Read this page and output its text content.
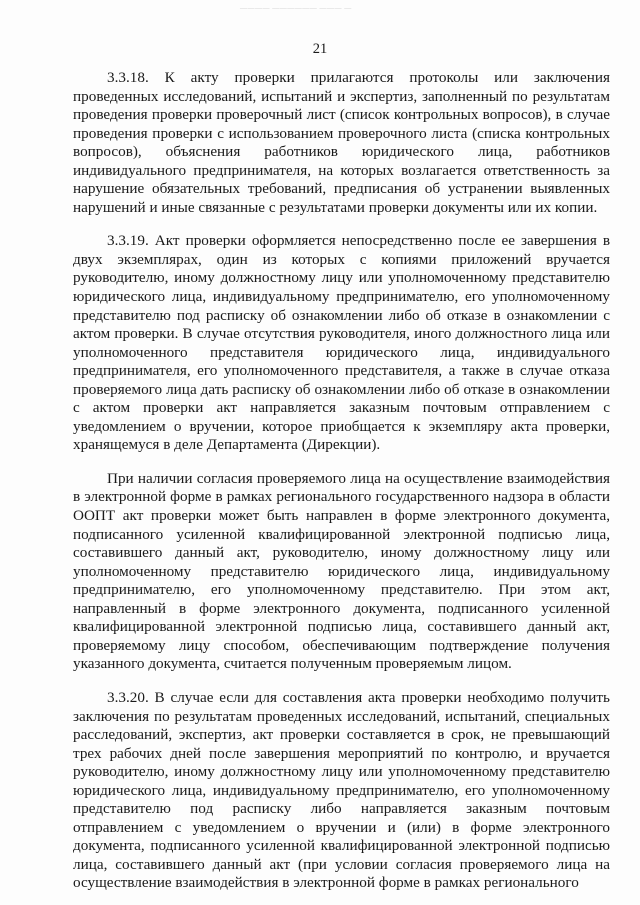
———— —————— ——— —
21

3.3.18. К акту проверки прилагаются протоколы или заключения проведенных исследований, испытаний и экспертиз, заполненный по результатам проведения проверки проверочный лист (список контрольных вопросов), в случае проведения проверки с использованием проверочного листа (списка контрольных вопросов), объяснения работников юридического лица, работников индивидуального предпринимателя, на которых возлагается ответственность за нарушение обязательных требований, предписания об устранении выявленных нарушений и иные связанные с результатами проверки документы или их копии.

3.3.19. Акт проверки оформляется непосредственно после ее завершения в двух экземплярах, один из которых с копиями приложений вручается руководителю, иному должностному лицу или уполномоченному представителю юридического лица, индивидуальному предпринимателю, его уполномоченному представителю под расписку об ознакомлении либо об отказе в ознакомлении с актом проверки. В случае отсутствия руководителя, иного должностного лица или уполномоченного представителя юридического лица, индивидуального предпринимателя, его уполномоченного представителя, а также в случае отказа проверяемого лица дать расписку об ознакомлении либо об отказе в ознакомлении с актом проверки акт направляется заказным почтовым отправлением с уведомлением о вручении, которое приобщается к экземпляру акта проверки, хранящемуся в деле Департамента (Дирекции).

При наличии согласия проверяемого лица на осуществление взаимодействия в электронной форме в рамках регионального государственного надзора в области ООПТ акт проверки может быть направлен в форме электронного документа, подписанного усиленной квалифицированной электронной подписью лица, составившего данный акт, руководителю, иному должностному лицу или уполномоченному представителю юридического лица, индивидуальному предпринимателю, его уполномоченному представителю. При этом акт, направленный в форме электронного документа, подписанного усиленной квалифицированной электронной подписью лица, составившего данный акт, проверяемому лицу способом, обеспечивающим подтверждение получения указанного документа, считается полученным проверяемым лицом.

3.3.20. В случае если для составления акта проверки необходимо получить заключения по результатам проведенных исследований, испытаний, специальных расследований, экспертиз, акт проверки составляется в срок, не превышающий трех рабочих дней после завершения мероприятий по контролю, и вручается руководителю, иному должностному лицу или уполномоченному представителю юридического лица, индивидуальному предпринимателю, его уполномоченному представителю под расписку либо направляется заказным почтовым отправлением с уведомлением о вручении и (или) в форме электронного документа, подписанного усиленной квалифицированной электронной подписью лица, составившего данный акт (при условии согласия проверяемого лица на осуществление взаимодействия в электронной форме в рамках регионального
